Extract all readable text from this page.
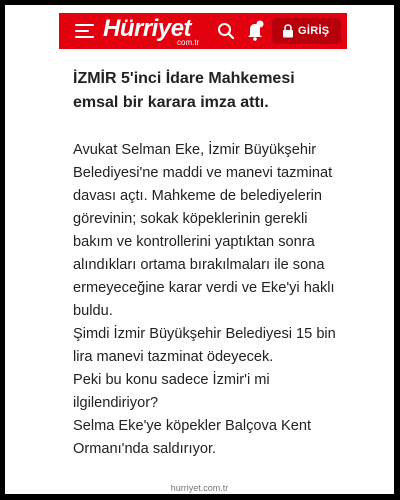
Hürriyet
com.tr
GİRİŞ
İZMİR 5'inci İdare Mahkemesi emsal bir karara imza attı.

Avukat Selman Eke, İzmir Büyükşehir Belediyesi'ne maddi ve manevi tazminat davası açtı. Mahkeme de belediyelerin görevinin; sokak köpeklerinin gerekli bakım ve kontrollerini yaptıktan sonra alındıkları ortama bırakılmaları ile sona ermeyeceğine karar verdi ve Eke'yi haklı buldu.

Şimdi İzmir Büyükşehir Belediyesi 15 bin lira manevi tazminat ödeyecek.

Peki bu konu sadece İzmir'i mi ilgilendiriyor?

Selma Eke'ye köpekler Balçova Kent Ormanı'nda saldırıyor.

hurriyet.com.tr
